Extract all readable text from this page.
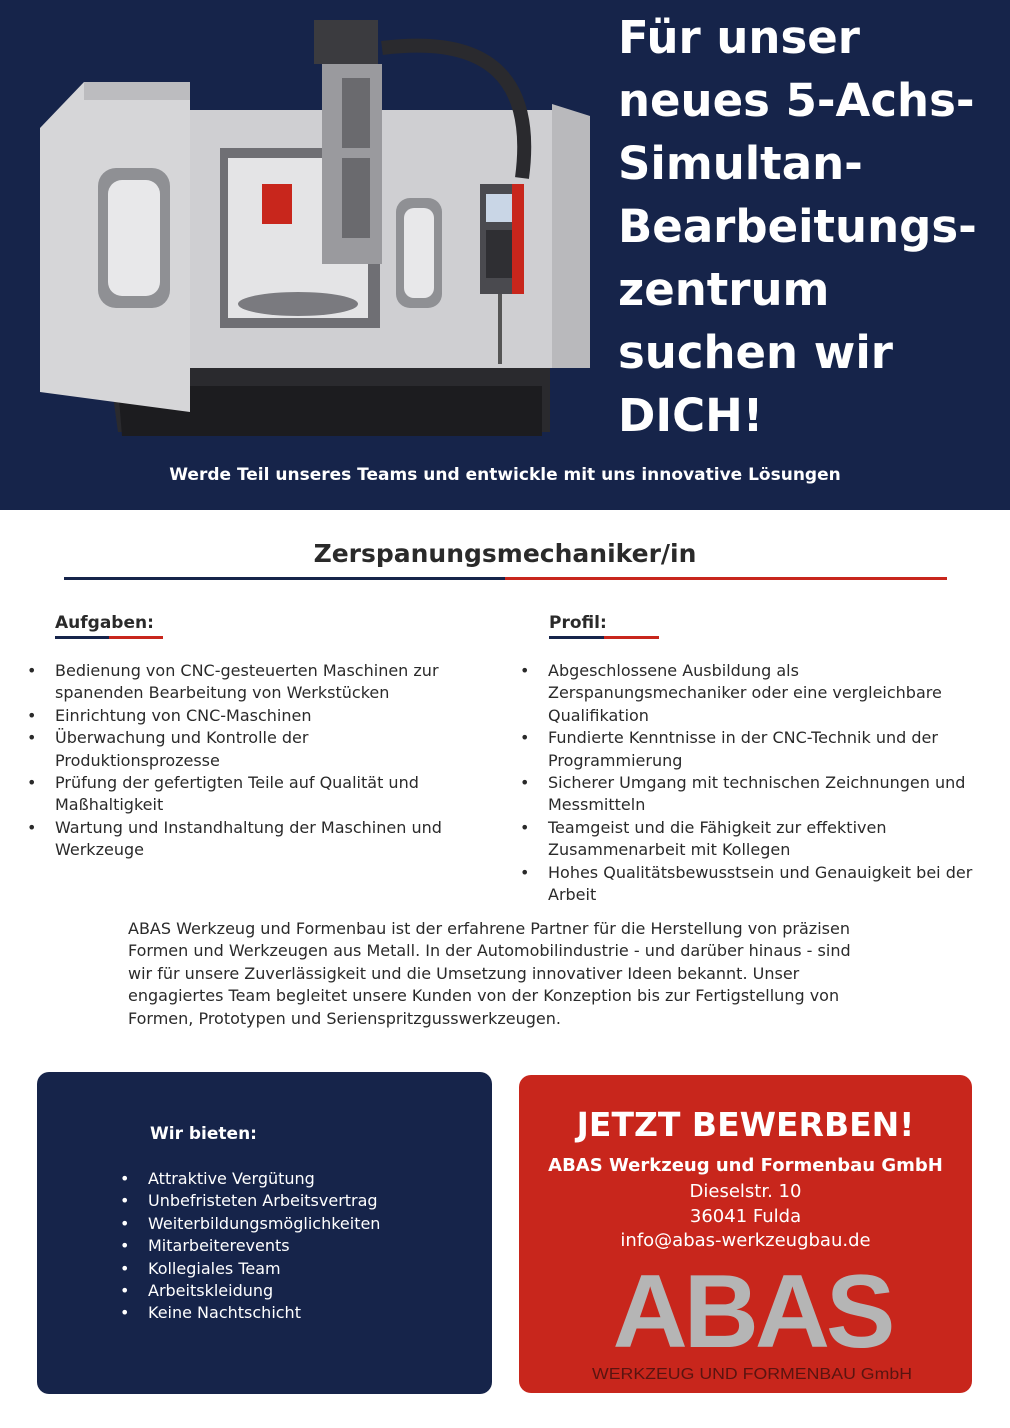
Für unser
neues 5-Achs-
Simultan-
Bearbeitungs-
zentrum
suchen wir
DICH!
Werde Teil unseres Teams und entwickle mit uns innovative Lösungen
Zerspanungsmechaniker/in
Aufgaben:
• Bedienung von CNC-gesteuerten Maschinen zur spanenden Bearbeitung von Werkstücken
• Einrichtung von CNC-Maschinen
• Überwachung und Kontrolle der Produktionsprozesse
• Prüfung der gefertigten Teile auf Qualität und Maßhaltigkeit
• Wartung und Instandhaltung der Maschinen und Werkzeuge
Profil:
• Abgeschlossene Ausbildung als Zerspanungsmechaniker oder eine vergleichbare Qualifikation
• Fundierte Kenntnisse in der CNC-Technik und der Programmierung
• Sicherer Umgang mit technischen Zeichnungen und Messmitteln
• Teamgeist und die Fähigkeit zur effektiven Zusammenarbeit mit Kollegen
• Hohes Qualitätsbewusstsein und Genauigkeit bei der Arbeit

ABAS Werkzeug und Formenbau ist der erfahrene Partner für die Herstellung von präzisen Formen und Werkzeugen aus Metall. In der Automobilindustrie - und darüber hinaus - sind wir für unsere Zuverlässigkeit und die Umsetzung innovativer Ideen bekannt. Unser engagiertes Team begleitet unsere Kunden von der Konzeption bis zur Fertigstellung von Formen, Prototypen und Serienspritzgusswerkzeugen.

Wir bieten:
• Attraktive Vergütung
• Unbefristeten Arbeitsvertrag
• Weiterbildungsmöglichkeiten
• Mitarbeiterevents
• Kollegiales Team
• Arbeitskleidung
• Keine Nachtschicht
JETZT BEWERBEN!
ABAS Werkzeug und Formenbau GmbH
Dieselstr. 10
36041 Fulda
info@abas-werkzeugbau.de
ABAS
WERKZEUG UND FORMENBAU GmbH
